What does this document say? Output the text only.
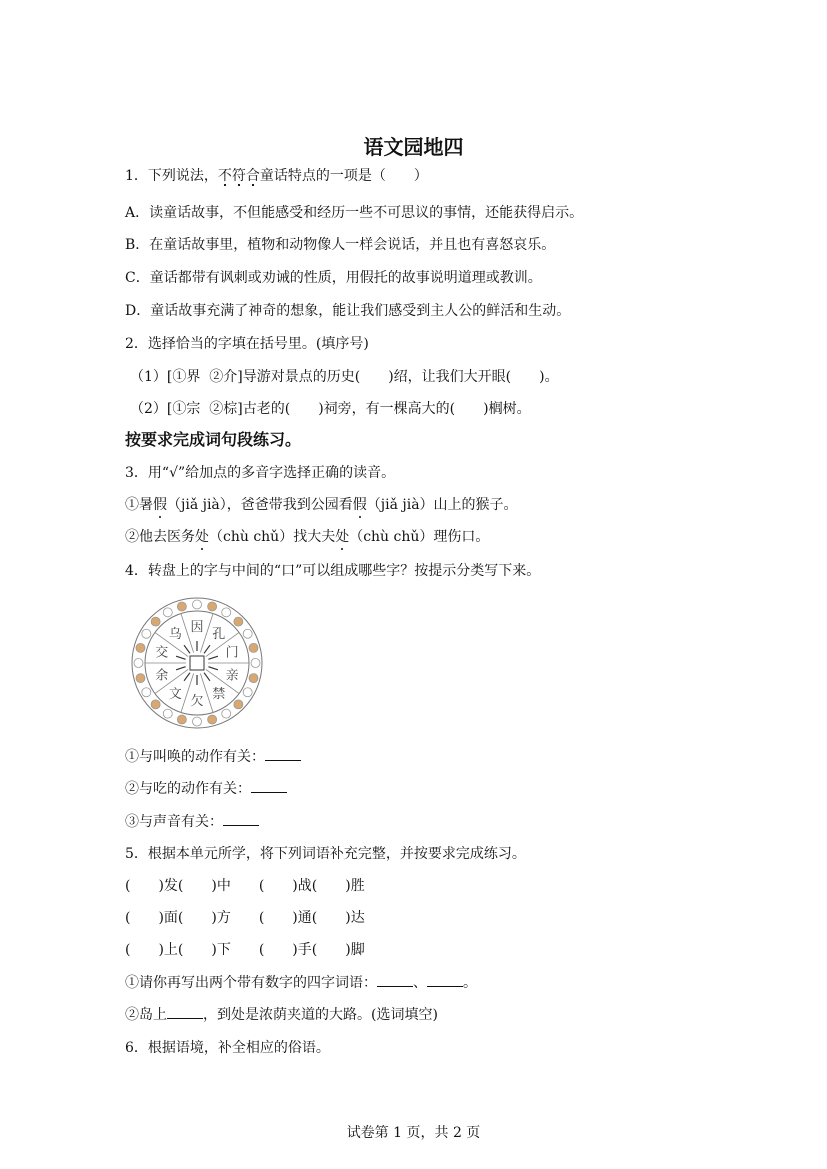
语文园地四
1．下列说法，不符合童话特点的一项是（　　）
A．读童话故事，不但能感受和经历一些不可思议的事情，还能获得启示。
B．在童话故事里，植物和动物像人一样会说话，并且也有喜怒哀乐。
C．童话都带有讽刺或劝诫的性质，用假托的故事说明道理或教训。
D．童话故事充满了神奇的想象，能让我们感受到主人公的鲜活和生动。
2．选择恰当的字填在括号里。(填序号)
（1）[①界  ②介]导游对景点的历史(　　)绍，让我们大开眼(　　)。
（2）[①宗  ②棕]古老的(　　)祠旁，有一棵高大的(　　)榈树。
按要求完成词句段练习。
3．用“√”给加点的多音字选择正确的读音。
①暑假（jiǎ jià），爸爸带我到公园看假（jiǎ jià）山上的猴子。
②他去医务处（chù chǔ）找大夫处（chù chǔ）理伤口。
4．转盘上的字与中间的“口”可以组成哪些字？按提示分类写下来。
因 孔
门
亲
禁
欠
文
余
交
乌
①与叫唤的动作有关：
②与吃的动作有关：
③与声音有关：
5．根据本单元所学，将下列词语补充完整，并按要求完成练习。
(　　)发(　　)中　　(　　)战(　　)胜
(　　)面(　　)方　　(　　)通(　　)达
(　　)上(　　)下　　(　　)手(　　)脚
①请你再写出两个带有数字的四字词语：	、	。
②岛上	，到处是浓荫夹道的大路。(选词填空)
6．根据语境，补全相应的俗语。
试卷第 1 页，共 2 页
